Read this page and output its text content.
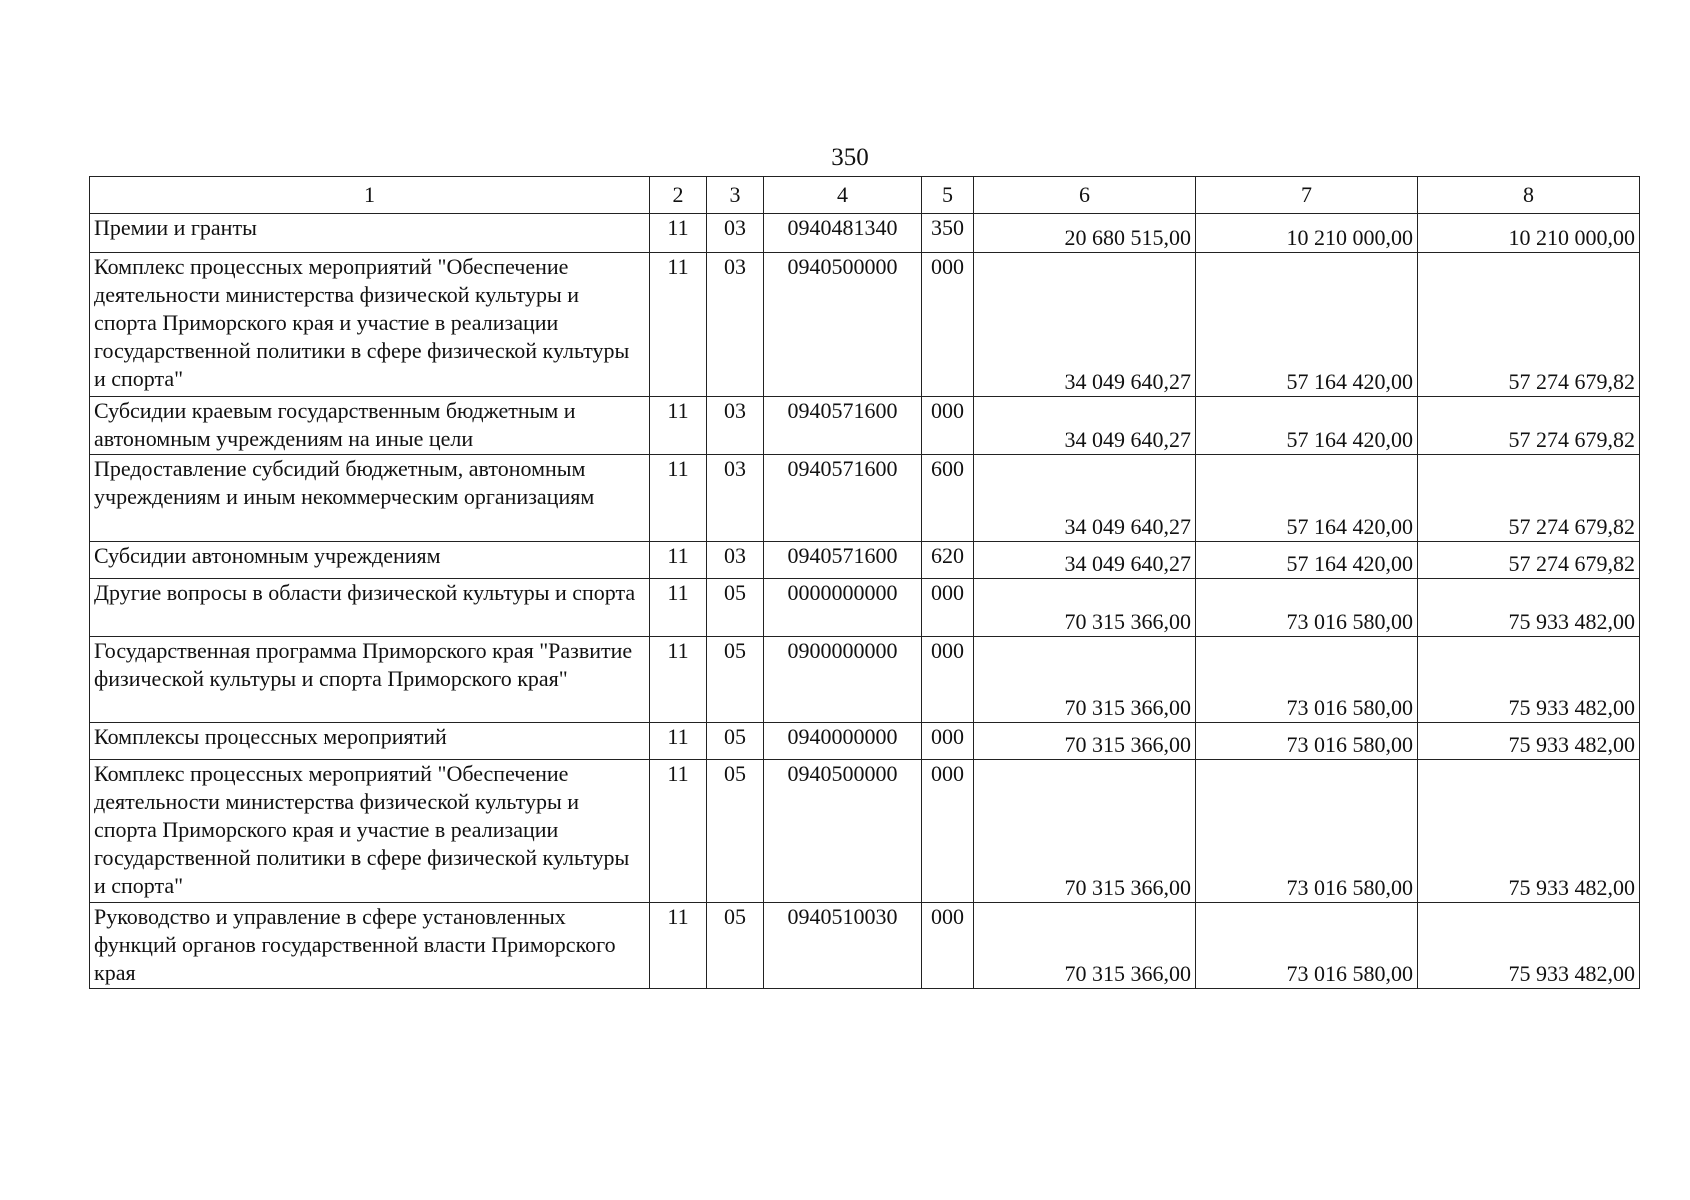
350
1	2	3	4	5	6	7	8
Премии и гранты	11	03	0940481340	350	20 680 515,00	10 210 000,00	10 210 000,00
Комплекс процессных мероприятий "Обеспечение деятельности министерства физической культуры и спорта Приморского края и участие в реализации государственной политики в сфере физической культуры и спорта"	11	03	0940500000	000	34 049 640,27	57 164 420,00	57 274 679,82
Субсидии краевым государственным бюджетным и автономным учреждениям на иные цели	11	03	0940571600	000	34 049 640,27	57 164 420,00	57 274 679,82
Предоставление субсидий бюджетным, автономным учреждениям и иным некоммерческим организациям	11	03	0940571600	600	34 049 640,27	57 164 420,00	57 274 679,82
Субсидии автономным учреждениям	11	03	0940571600	620	34 049 640,27	57 164 420,00	57 274 679,82
Другие вопросы в области физической культуры и спорта	11	05	0000000000	000	70 315 366,00	73 016 580,00	75 933 482,00
Государственная программа Приморского края "Развитие физической культуры и спорта Приморского края"	11	05	0900000000	000	70 315 366,00	73 016 580,00	75 933 482,00
Комплексы процессных мероприятий	11	05	0940000000	000	70 315 366,00	73 016 580,00	75 933 482,00
Комплекс процессных мероприятий "Обеспечение деятельности министерства физической культуры и спорта Приморского края и участие в реализации государственной политики в сфере физической культуры и спорта"	11	05	0940500000	000	70 315 366,00	73 016 580,00	75 933 482,00
Руководство и управление в сфере установленных функций органов государственной власти Приморского края	11	05	0940510030	000	70 315 366,00	73 016 580,00	75 933 482,00
